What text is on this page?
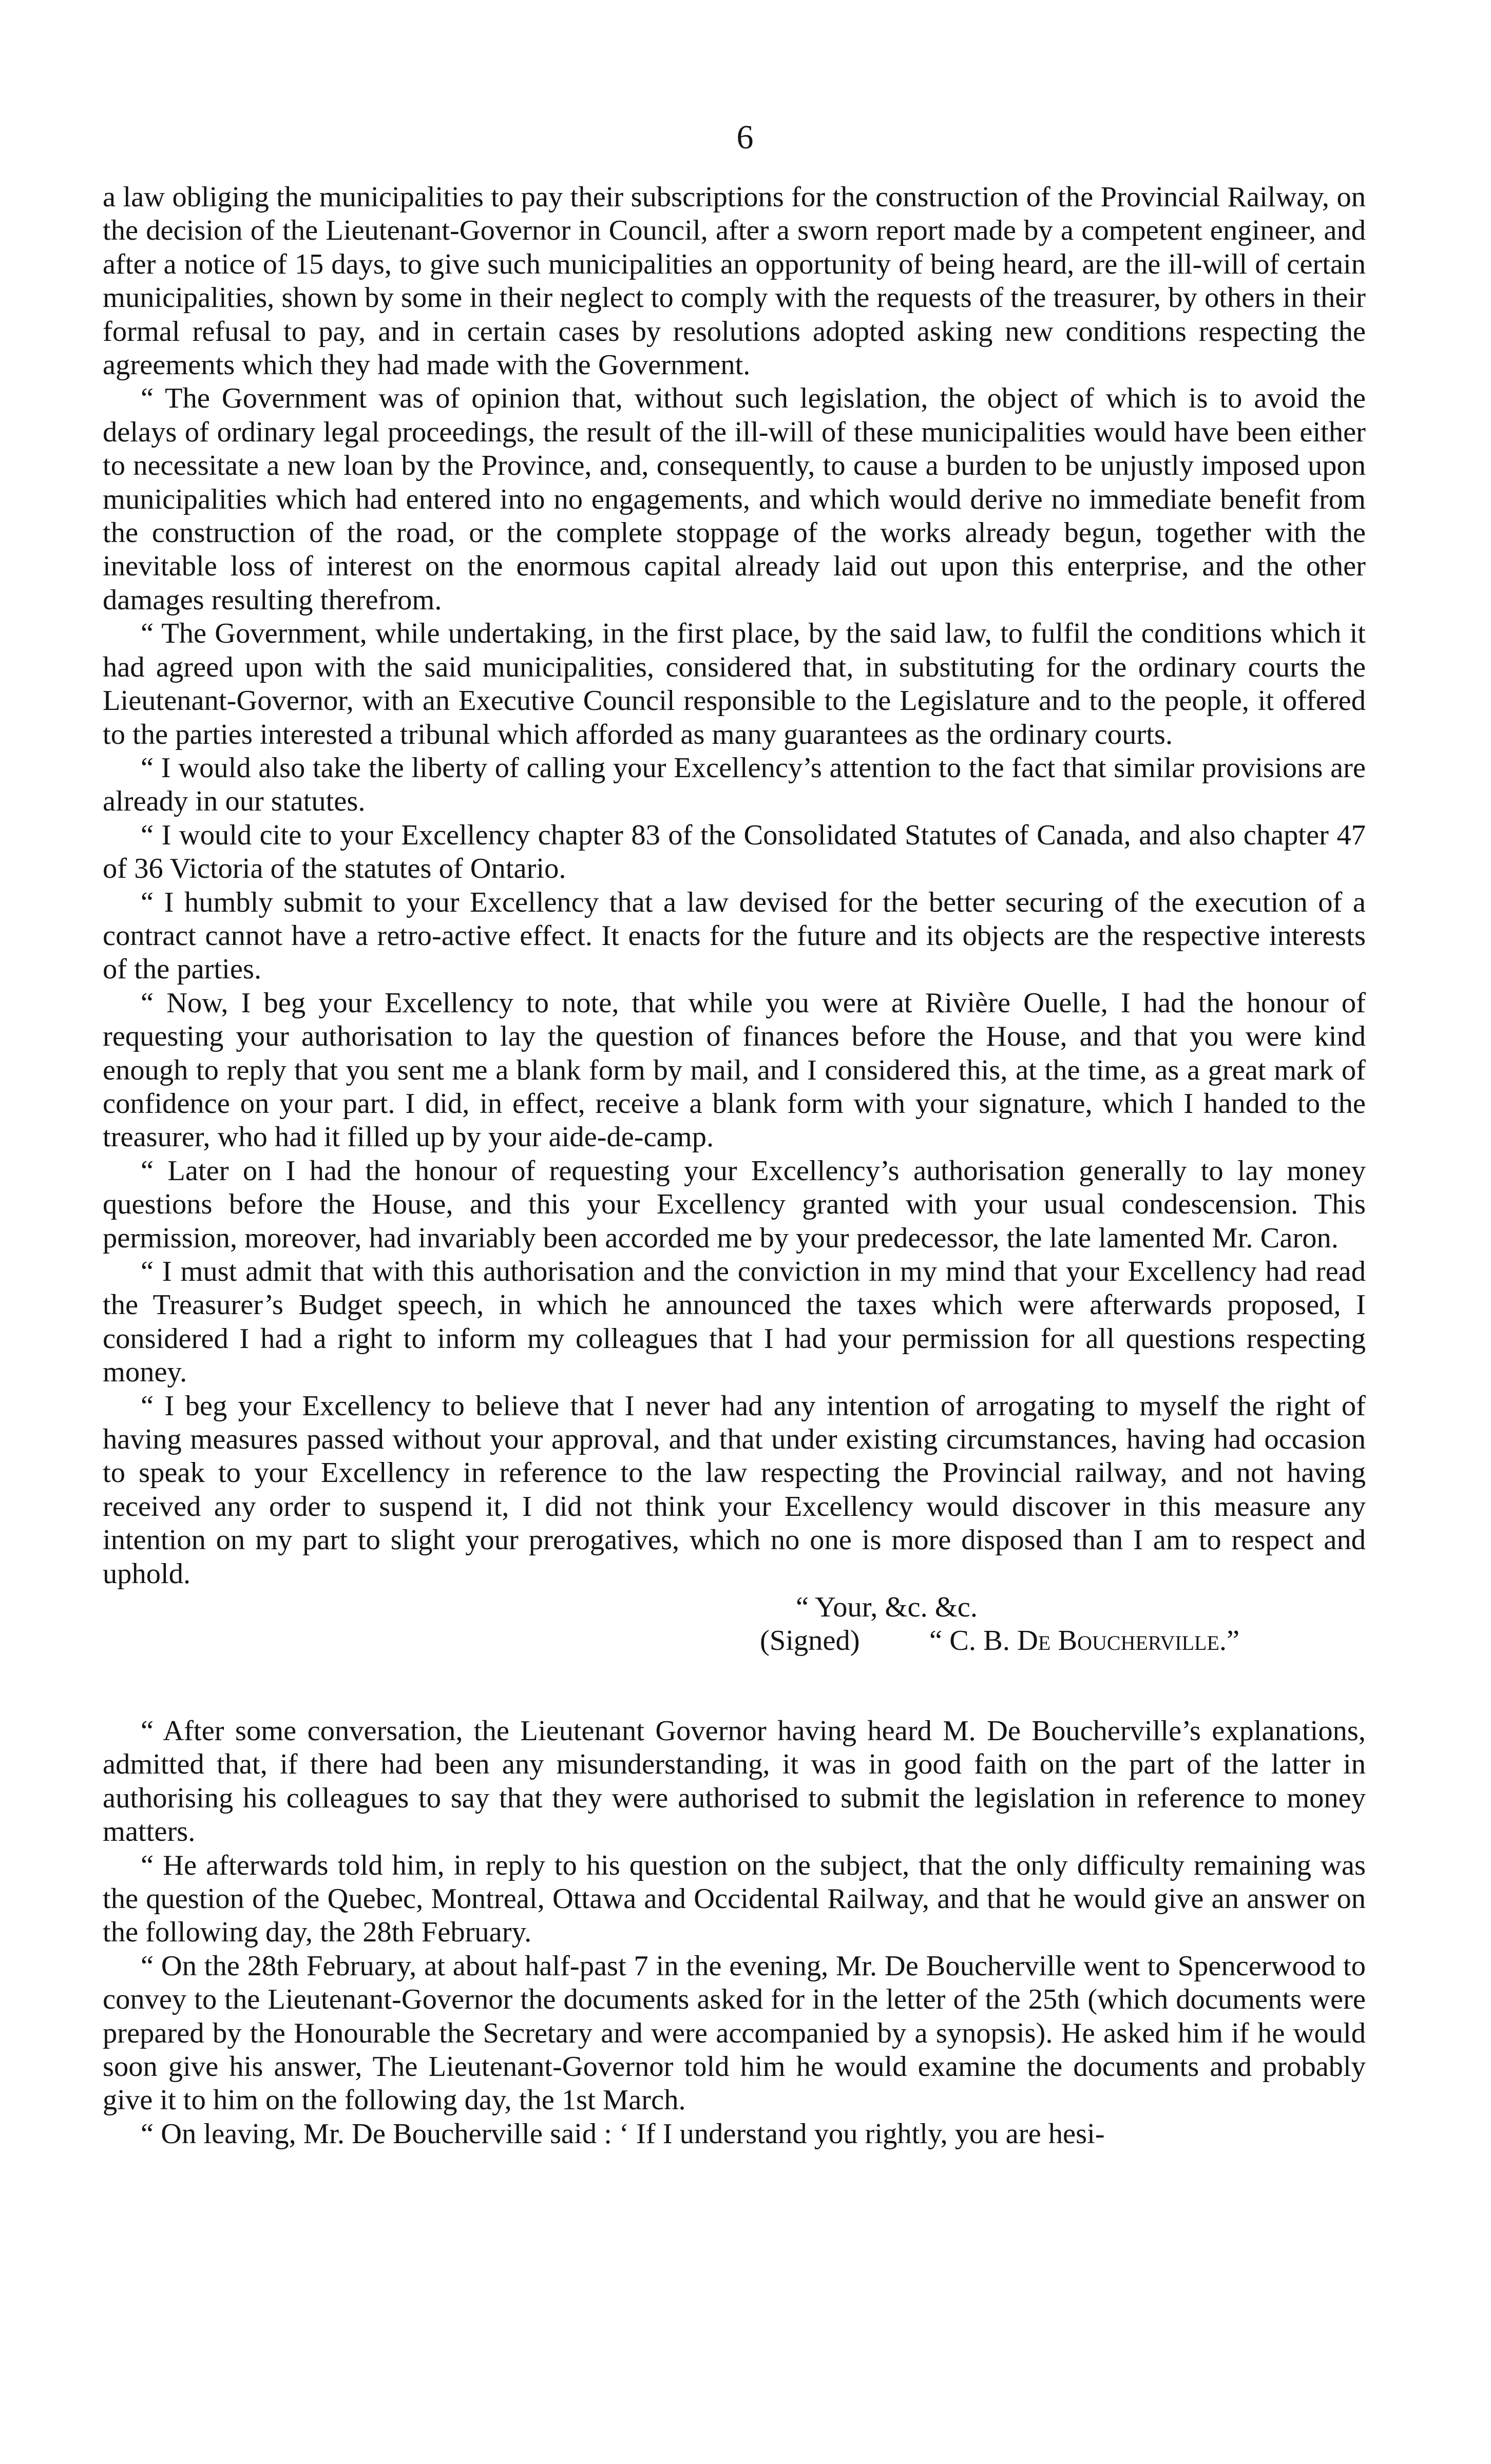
6

a law obliging the municipalities to pay their subscriptions for the construction of the Provincial Railway, on the decision of the Lieutenant-Governor in Council, after a sworn report made by a competent engineer, and after a notice of 15 days, to give such municipalities an opportunity of being heard, are the ill-will of certain municipalities, shown by some in their neglect to comply with the requests of the treasurer, by others in their formal refusal to pay, and in certain cases by resolutions adopted asking new conditions respecting the agreements which they had made with the Government.

“ The Government was of opinion that, without such legislation, the object of which is to avoid the delays of ordinary legal proceedings, the result of the ill-will of these municipalities would have been either to necessitate a new loan by the Province, and, consequently, to cause a burden to be unjustly imposed upon municipalities which had entered into no engagements, and which would derive no immediate benefit from the construction of the road, or the complete stoppage of the works already begun, together with the inevitable loss of interest on the enormous capital already laid out upon this enterprise, and the other damages resulting therefrom.

“ The Government, while undertaking, in the first place, by the said law, to fulfil the conditions which it had agreed upon with the said municipalities, considered that, in substituting for the ordinary courts the Lieutenant-Governor, with an Executive Council responsible to the Legislature and to the people, it offered to the parties interested a tribunal which afforded as many guarantees as the ordinary courts.

“ I would also take the liberty of calling your Excellency’s attention to the fact that similar provisions are already in our statutes.

“ I would cite to your Excellency chapter 83 of the Consolidated Statutes of Canada, and also chapter 47 of 36 Victoria of the statutes of Ontario.

“ I humbly submit to your Excellency that a law devised for the better securing of the execution of a contract cannot have a retro-active effect. It enacts for the future and its objects are the respective interests of the parties.

“ Now, I beg your Excellency to note, that while you were at Rivière Ouelle, I had the honour of requesting your authorisation to lay the question of finances before the House, and that you were kind enough to reply that you sent me a blank form by mail, and I considered this, at the time, as a great mark of confidence on your part. I did, in effect, receive a blank form with your signature, which I handed to the treasurer, who had it filled up by your aide-de-camp.

“ Later on I had the honour of requesting your Excellency’s authorisation generally to lay money questions before the House, and this your Excellency granted with your usual condescension. This permission, moreover, had invariably been accorded me by your predecessor, the late lamented Mr. Caron.

“ I must admit that with this authorisation and the conviction in my mind that your Excellency had read the Treasurer’s Budget speech, in which he announced the taxes which were afterwards proposed, I considered I had a right to inform my colleagues that I had your permission for all questions respecting money.

“ I beg your Excellency to believe that I never had any intention of arrogating to myself the right of having measures passed without your approval, and that under existing circumstances, having had occasion to speak to your Excellency in reference to the law respecting the Provincial railway, and not having received any order to suspend it, I did not think your Excellency would discover in this measure any intention on my part to slight your prerogatives, which no one is more disposed than I am to respect and uphold.

“ Your, &c. &c.
(Signed) “ C. B. De Boucherville.”

“ After some conversation, the Lieutenant Governor having heard M. De Boucherville’s explanations, admitted that, if there had been any misunderstanding, it was in good faith on the part of the latter in authorising his colleagues to say that they were authorised to submit the legislation in reference to money matters.

“ He afterwards told him, in reply to his question on the subject, that the only difficulty remaining was the question of the Quebec, Montreal, Ottawa and Occidental Railway, and that he would give an answer on the following day, the 28th February.

“ On the 28th February, at about half-past 7 in the evening, Mr. De Boucherville went to Spencerwood to convey to the Lieutenant-Governor the documents asked for in the letter of the 25th (which documents were prepared by the Honourable the Secretary and were accompanied by a synopsis). He asked him if he would soon give his answer, The Lieutenant-Governor told him he would examine the documents and probably give it to him on the following day, the 1st March.

“ On leaving, Mr. De Boucherville said : ‘ If I understand you rightly, you are hesi-
